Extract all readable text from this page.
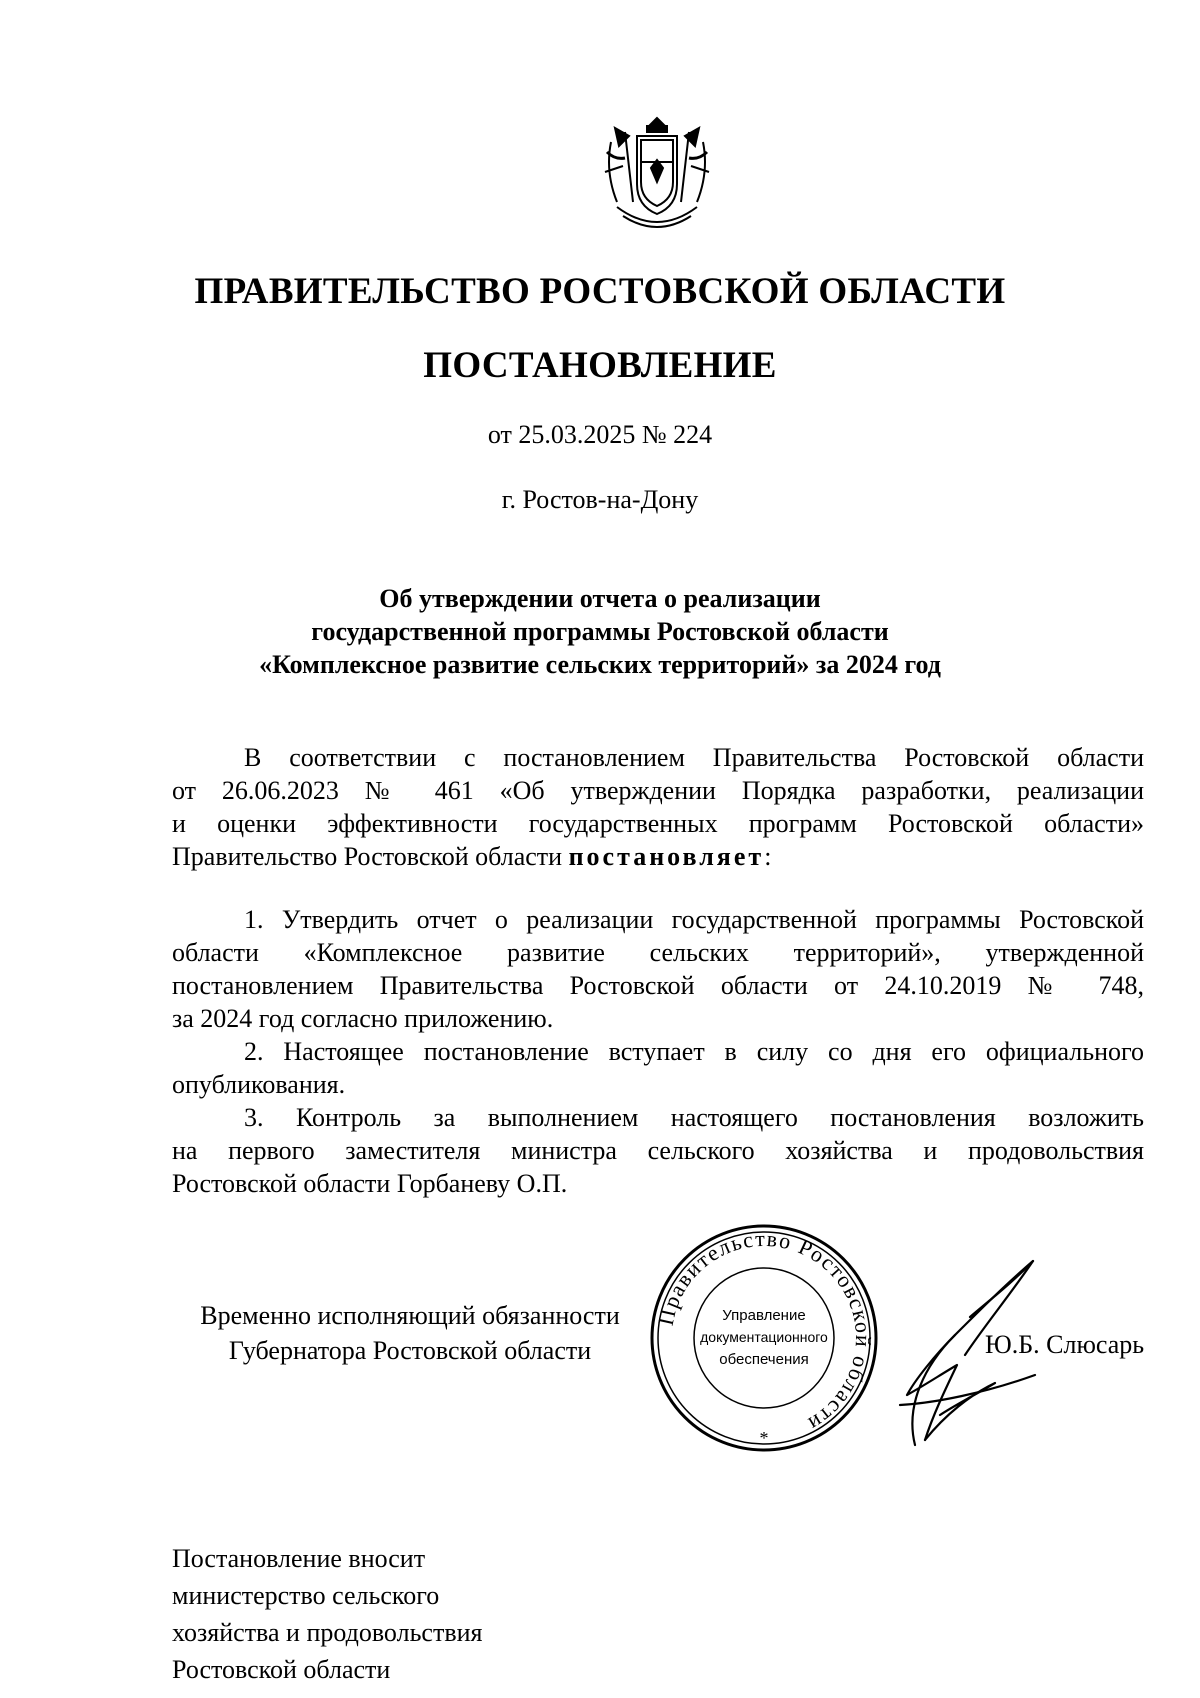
ПРАВИТЕЛЬСТВО РОСТОВСКОЙ ОБЛАСТИ
ПОСТАНОВЛЕНИЕ
от 25.03.2025 № 224
г. Ростов-на-Дону
Об утверждении отчета о реализации
государственной программы Ростовской области
«Комплексное развитие сельских территорий» за 2024 год
В соответствии с постановлением Правительства Ростовской области
от 26.06.2023 № 461 «Об утверждении Порядка разработки, реализации
и оценки эффективности государственных программ Ростовской области»
Правительство Ростовской области постановляет:
1. Утвердить отчет о реализации государственной программы Ростовской
области «Комплексное развитие сельских территорий», утвержденной
постановлением Правительства Ростовской области от 24.10.2019 № 748,
за 2024 год согласно приложению.
2. Настоящее постановление вступает в силу со дня его официального
опубликования.
3. Контроль за выполнением настоящего постановления возложить
на первого заместителя министра сельского хозяйства и продовольствия
Ростовской области Горбаневу О.П.
Временно исполняющий обязанности
Губернатора Ростовской области
Правительство Ростовской области
Управление
документационного
обеспечения
*
Ю.Б. Слюсарь
Постановление вносит
министерство сельского
хозяйства и продовольствия
Ростовской области
